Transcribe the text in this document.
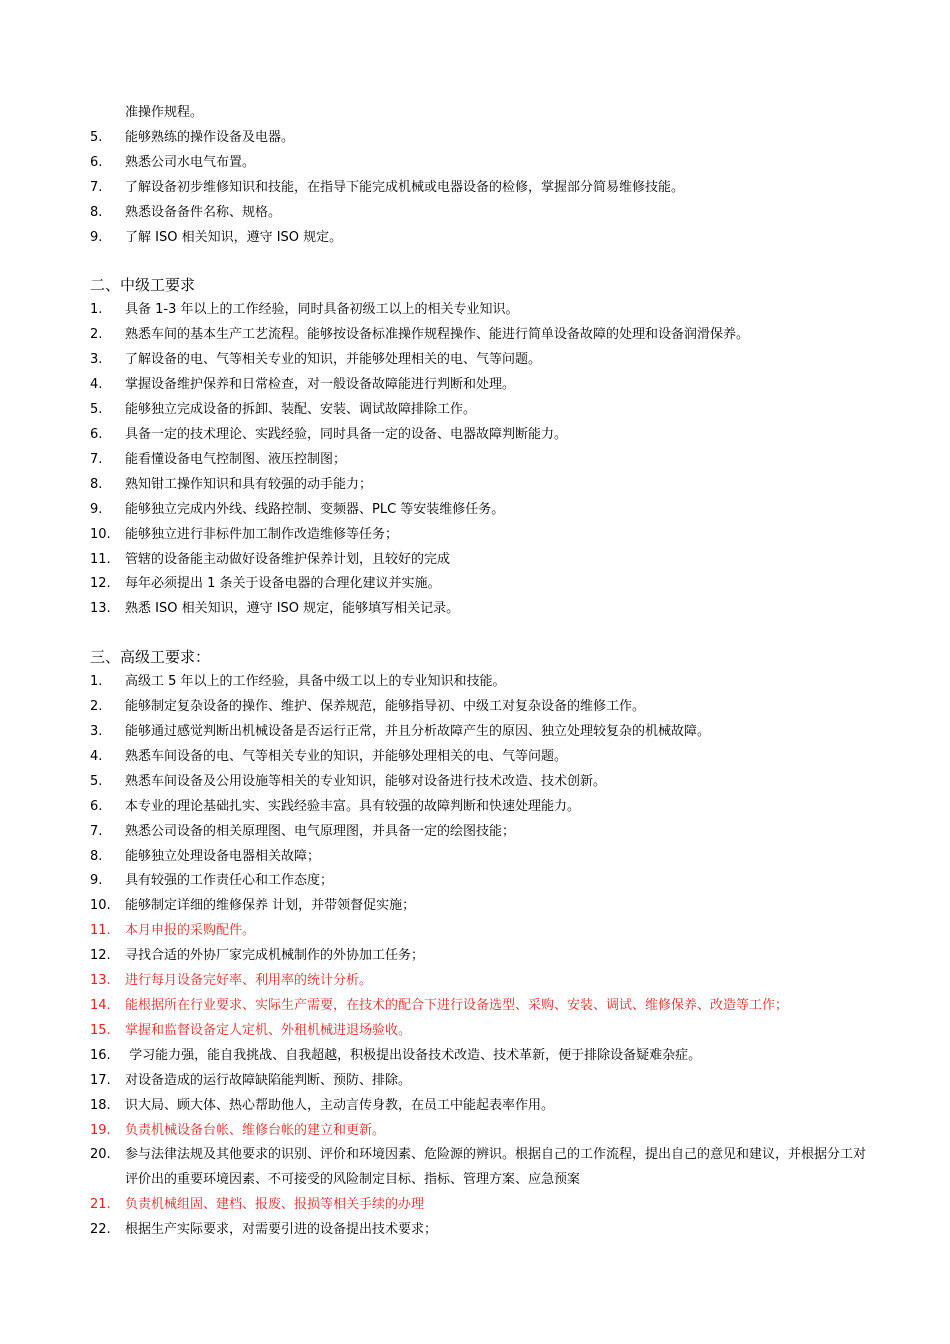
准操作规程。
5.	能够熟练的操作设备及电器。
6.	熟悉公司水电气布置。
7.	了解设备初步维修知识和技能，在指导下能完成机械或电器设备的检修，掌握部分简易维修技能。
8.	熟悉设备备件名称、规格。
9.	了解 ISO 相关知识，遵守 ISO 规定。
二、中级工要求
1.	具备 1-3 年以上的工作经验，同时具备初级工以上的相关专业知识。
2.	熟悉车间的基本生产工艺流程。能够按设备标准操作规程操作、能进行简单设备故障的处理和设备润滑保养。
3.	了解设备的电、气等相关专业的知识，并能够处理相关的电、气等问题。
4.	掌握设备维护保养和日常检查，对一般设备故障能进行判断和处理。
5.	能够独立完成设备的拆卸、装配、安装、调试故障排除工作。
6.	具备一定的技术理论、实践经验，同时具备一定的设备、电器故障判断能力。
7.	能看懂设备电气控制图、液压控制图；
8.	熟知钳工操作知识和具有较强的动手能力；
9.	能够独立完成内外线、线路控制、变频器、PLC 等安装维修任务。
10.	能够独立进行非标件加工制作改造维修等任务；
11.	管辖的设备能主动做好设备维护保养计划，且较好的完成
12.	每年必须提出 1 条关于设备电器的合理化建议并实施。
13.	熟悉 ISO 相关知识，遵守 ISO 规定，能够填写相关记录。
三、高级工要求：
1.	高级工 5 年以上的工作经验，具备中级工以上的专业知识和技能。
2.	能够制定复杂设备的操作、维护、保养规范，能够指导初、中级工对复杂设备的维修工作。
3.	能够通过感觉判断出机械设备是否运行正常，并且分析故障产生的原因、独立处理较复杂的机械故障。
4.	熟悉车间设备的电、气等相关专业的知识，并能够处理相关的电、气等问题。
5.	熟悉车间设备及公用设施等相关的专业知识，能够对设备进行技术改造、技术创新。
6.	本专业的理论基础扎实、实践经验丰富。具有较强的故障判断和快速处理能力。
7.	熟悉公司设备的相关原理图、电气原理图，并具备一定的绘图技能；
8.	能够独立处理设备电器相关故障；
9.	具有较强的工作责任心和工作态度；
10.	能够制定详细的维修保养 计划，并带领督促实施；
11.	本月申报的采购配件。
12.	寻找合适的外协厂家完成机械制作的外协加工任务；
13.	进行每月设备完好率、利用率的统计分析。
14.	能根据所在行业要求、实际生产需要，在技术的配合下进行设备选型、采购、安装、调试、维修保养、改造等工作；
15.	掌握和监督设备定人定机、外租机械进退场验收。
16.	学习能力强，能自我挑战、自我超越，积极提出设备技术改造、技术革新，便于排除设备疑难杂症。
17.	对设备造成的运行故障缺陷能判断、预防、排除。
18.	识大局、顾大体、热心帮助他人，主动言传身教，在员工中能起表率作用。
19.	负责机械设备台帐、维修台帐的建立和更新。
20.	参与法律法规及其他要求的识别、评价和环境因素、危险源的辨识。根据自己的工作流程，提出自己的意见和建议，并根据分工对评价出的重要环境因素、不可接受的风险制定目标、指标、管理方案、应急预案
21.	负责机械组固、建档、报废、报损等相关手续的办理
22.	根据生产实际要求，对需要引进的设备提出技术要求；
